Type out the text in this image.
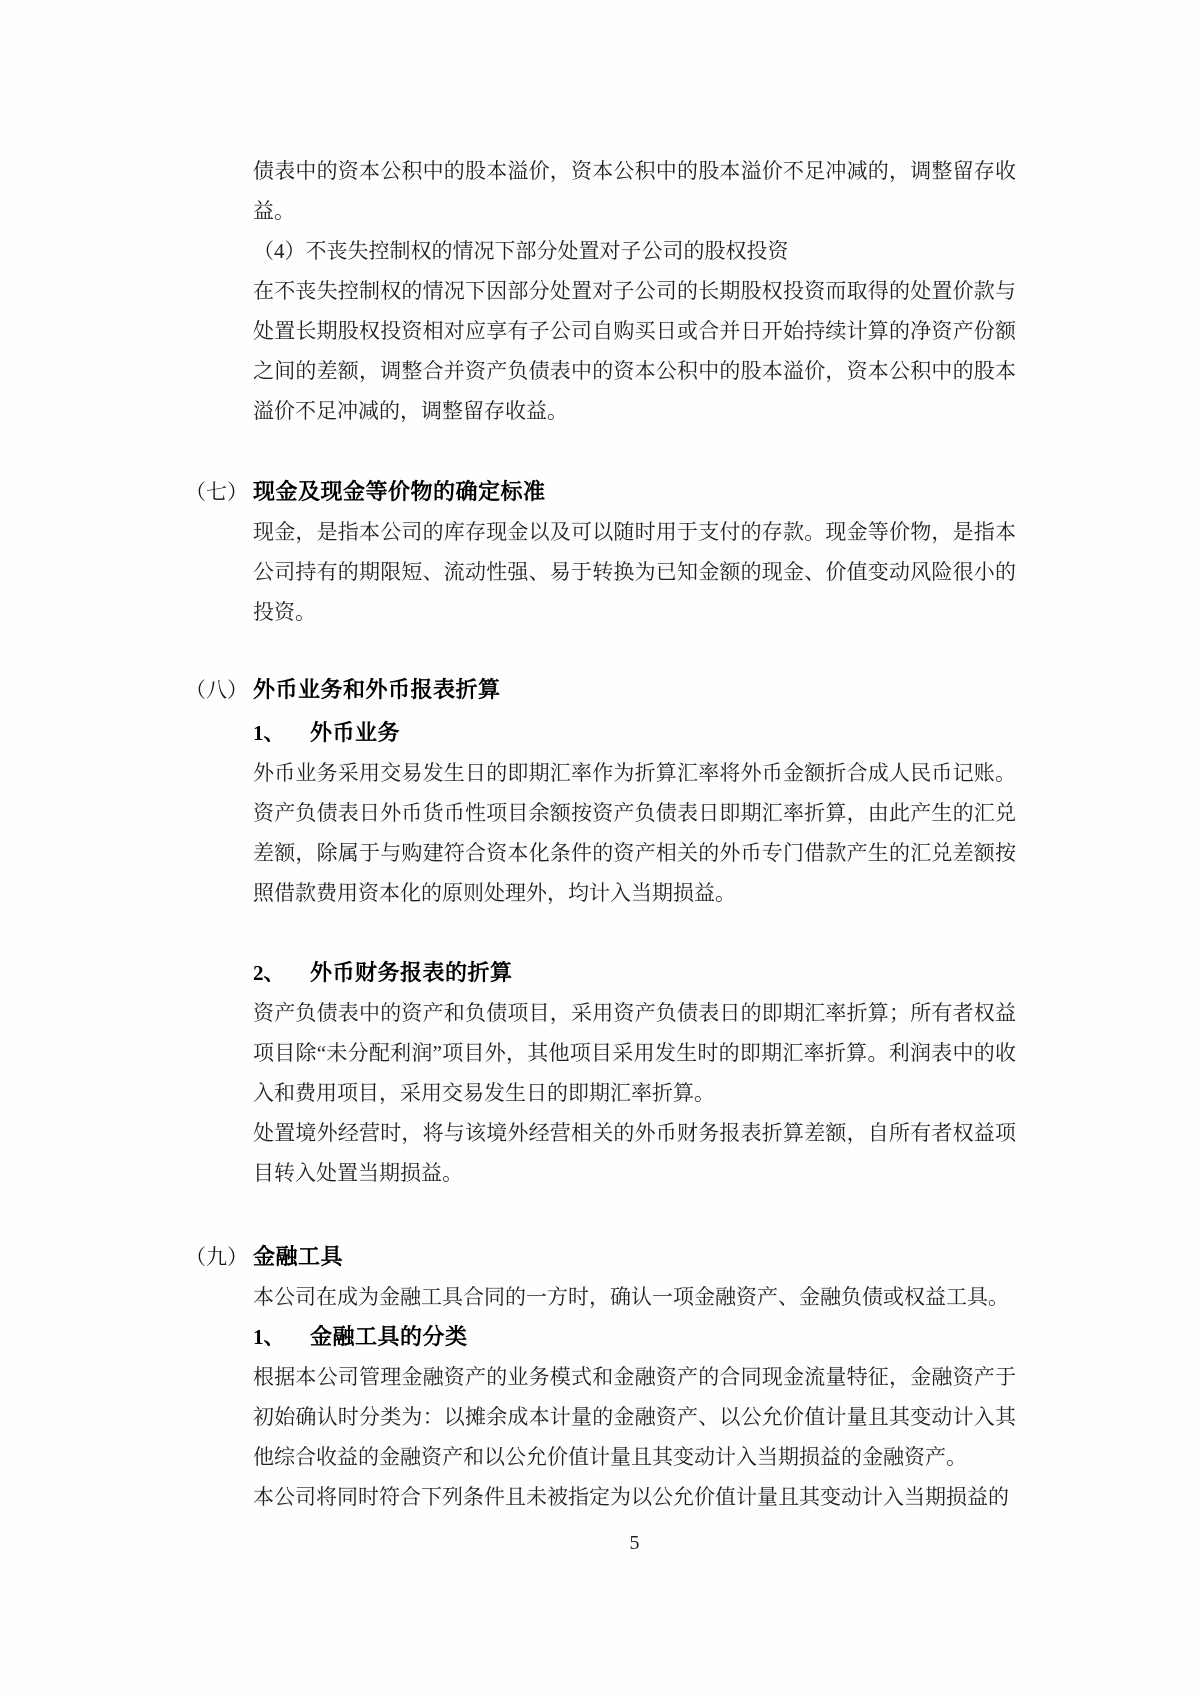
债表中的资本公积中的股本溢价，资本公积中的股本溢价不足冲减的，调整留存收益。

（4）不丧失控制权的情况下部分处置对子公司的股权投资

在不丧失控制权的情况下因部分处置对子公司的长期股权投资而取得的处置价款与处置长期股权投资相对应享有子公司自购买日或合并日开始持续计算的净资产份额之间的差额，调整合并资产负债表中的资本公积中的股本溢价，资本公积中的股本溢价不足冲减的，调整留存收益。

（七） 现金及现金等价物的确定标准

现金，是指本公司的库存现金以及可以随时用于支付的存款。现金等价物，是指本公司持有的期限短、流动性强、易于转换为已知金额的现金、价值变动风险很小的投资。

（八） 外币业务和外币报表折算
1、	外币业务

外币业务采用交易发生日的即期汇率作为折算汇率将外币金额折合成人民币记账。资产负债表日外币货币性项目余额按资产负债表日即期汇率折算，由此产生的汇兑差额，除属于与购建符合资本化条件的资产相关的外币专门借款产生的汇兑差额按照借款费用资本化的原则处理外，均计入当期损益。

2、	外币财务报表的折算

资产负债表中的资产和负债项目，采用资产负债表日的即期汇率折算；所有者权益项目除“未分配利润”项目外，其他项目采用发生时的即期汇率折算。利润表中的收入和费用项目，采用交易发生日的即期汇率折算。

处置境外经营时，将与该境外经营相关的外币财务报表折算差额，自所有者权益项目转入处置当期损益。

（九） 金融工具

本公司在成为金融工具合同的一方时，确认一项金融资产、金融负债或权益工具。

1、	金融工具的分类

根据本公司管理金融资产的业务模式和金融资产的合同现金流量特征，金融资产于初始确认时分类为：以摊余成本计量的金融资产、以公允价值计量且其变动计入其他综合收益的金融资产和以公允价值计量且其变动计入当期损益的金融资产。

本公司将同时符合下列条件且未被指定为以公允价值计量且其变动计入当期损益的

5
